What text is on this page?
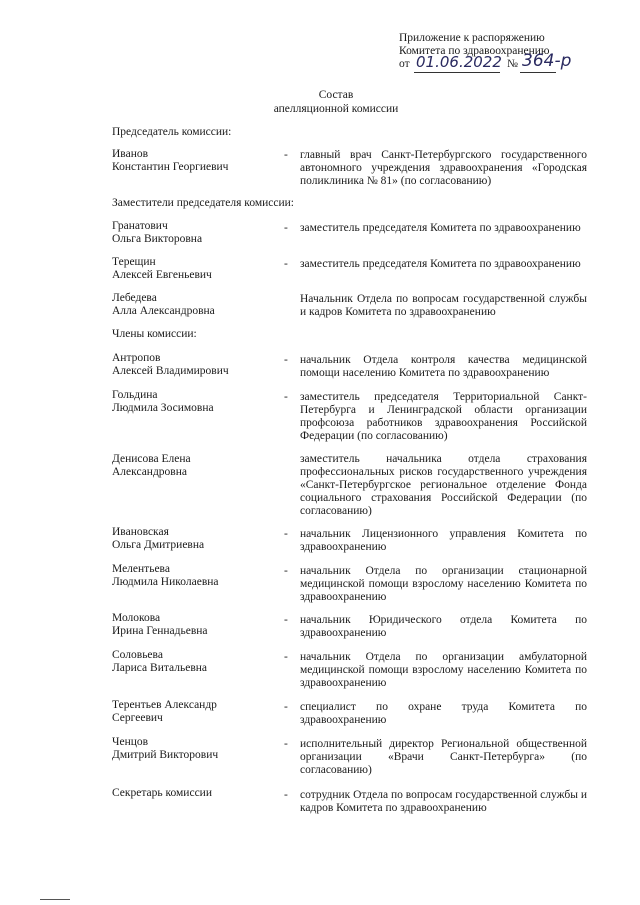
Приложение к распоряжению
Комитета по здравоохранению
от 01.06.2022 № 364-р
Состав
апелляционной комиссии
Председатель комиссии:
Иванов
Константин Георгиевич
- главный врач Санкт-Петербургского государственного автономного учреждения здравоохранения «Городская поликлиника № 81» (по согласованию)
Заместители председателя комиссии:
Гранатович
Ольга Викторовна
- заместитель председателя Комитета по здравоохранению
Терещин
Алексей Евгеньевич
- заместитель председателя Комитета по здравоохранению
Лебедева
Алла Александровна
Начальник Отдела по вопросам государственной службы и кадров Комитета по здравоохранению
Члены комиссии:
Антропов
Алексей Владимирович
- начальник Отдела контроля качества медицинской помощи населению Комитета по здравоохранению
Гольдина
Людмила Зосимовна
- заместитель председателя Территориальной Санкт-Петербурга и Ленинградской области организации профсоюза работников здравоохранения Российской Федерации (по согласованию)
Денисова Елена
Александровна
заместитель начальника отдела страхования профессиональных рисков государственного учреждения «Санкт-Петербургское региональное отделение Фонда социального страхования Российской Федерации (по согласованию)
Ивановская
Ольга Дмитриевна
- начальник Лицензионного управления Комитета по здравоохранению
Мелентьева
Людмила Николаевна
- начальник Отдела по организации стационарной медицинской помощи взрослому населению Комитета по здравоохранению
Молокова
Ирина Геннадьевна
- начальник Юридического отдела Комитета по здравоохранению
Соловьева
Лариса Витальевна
- начальник Отдела по организации амбулаторной медицинской помощи взрослому населению Комитета по здравоохранению
Терентьев Александр
Сергеевич
- специалист по охране труда Комитета по здравоохранению
Ченцов
Дмитрий Викторович
- исполнительный директор Региональной общественной организации «Врачи Санкт-Петербурга» (по согласованию)
Секретарь комиссии	- сотрудник Отдела по вопросам государственной службы и кадров Комитета по здравоохранению
